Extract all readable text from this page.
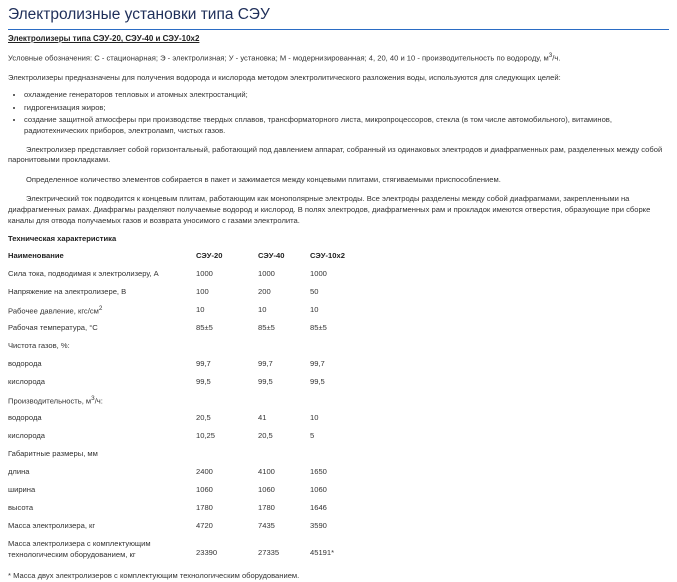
Электролизные установки типа СЭУ
Электролизеры типа СЭУ-20, СЭУ-40 и СЭУ-10х2

Условные обозначения: С - стационарная; Э - электролизная; У - установка; М - модернизированная; 4, 20, 40 и 10 - производительность по водороду, $м^3/ч$.

Электролизеры предназначены для получения водорода и кислорода методом электролитического разложения воды, используются для следующих целей:

• охлаждение генераторов тепловых и атомных электростанций;
• гидрогенизация жиров;
• создание защитной атмосферы при производстве твердых сплавов, трансформаторного листа, микропроцессоров, стекла (в том числе автомобильного), витаминов, радиотехнических приборов, электроламп, чистых газов.

Электролизер представляет собой горизонтальный, работающий под давлением аппарат, собранный из одинаковых электродов и диафрагменных рам, разделенных между собой паронитовыми прокладками.

Определенное количество элементов собирается в пакет и зажимается между концевыми плитами, стягиваемыми приспособлением.

Электрический ток подводится к концевым плитам, работающим как монополярные электроды. Все электроды разделены между собой диафрагмами, закрепленными на диафрагменных рамах. Диафрагмы разделяют получаемые водород и кислород. В полях электродов, диафрагменных рам и прокладок имеются отверстия, образующие при сборке каналы для отвода получаемых газов и возврата уносимого с газами электролита.

Техническая характеристика

Наименование	СЭУ-20	СЭУ-40	СЭУ-10х2
Сила тока, подводимая к электролизеру, А	1000	1000	1000
Напряжение на электролизере, В	100	200	50
Рабочее давление, кгс/$см^2$	10	10	10
Рабочая температура, °С	85±5	85±5	85±5
Чистота газов, %:			
водорода	99,7	99,7	99,7
кислорода	99,5	99,5	99,5
Производительность, $м^3/ч$:			
водорода	20,5	41	10
кислорода	10,25	20,5	5
Габаритные размеры, мм			
длина	2400	4100	1650
ширина	1060	1060	1060
высота	1780	1780	1646
Масса электролизера, кг	4720	7435	3590
Масса электролизера с комплектующим технологическим оборудованием, кг	23390	27335	45191*

* Масса двух электролизеров с комплектующим технологическим оборудованием.
